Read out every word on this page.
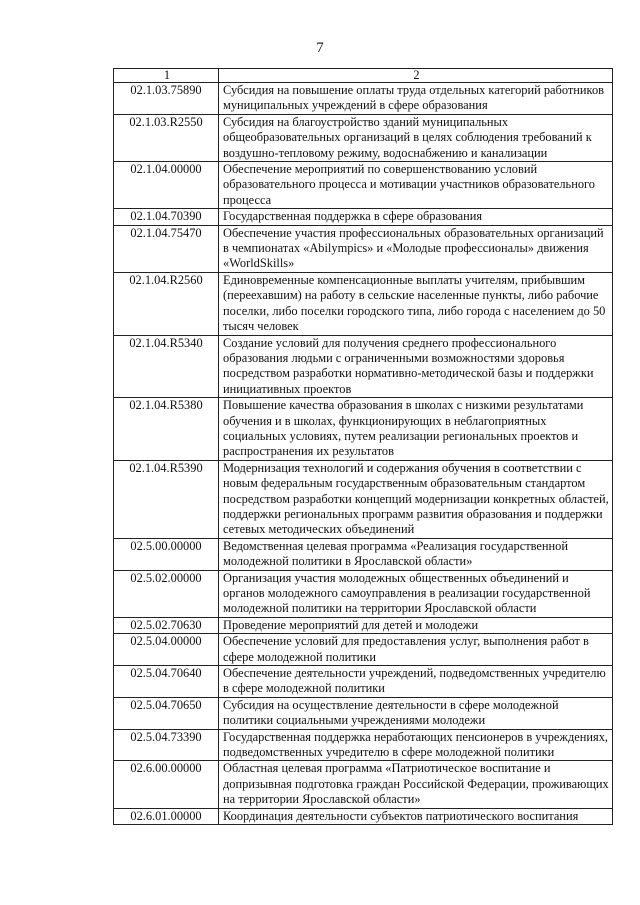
7
1	2
02.1.03.75890	Субсидия на повышение оплаты труда отдельных категорий работников муниципальных учреждений в сфере образования
02.1.03.R2550	Субсидия на благоустройство зданий муниципальных общеобразовательных организаций в целях соблюдения требований к воздушно-тепловому режиму, водоснабжению и канализации
02.1.04.00000	Обеспечение мероприятий по совершенствованию условий образовательного процесса и мотивации участников образовательного процесса
02.1.04.70390	Государственная поддержка в сфере образования
02.1.04.75470	Обеспечение участия профессиональных образовательных организаций в чемпионатах «Abilympics» и «Молодые профессионалы» движения «WorldSkills»
02.1.04.R2560	Единовременные компенсационные выплаты учителям, прибывшим (переехавшим) на работу в сельские населенные пункты, либо рабочие поселки, либо поселки городского типа, либо города с населением до 50 тысяч человек
02.1.04.R5340	Создание условий для получения среднего профессионального образования людьми с ограниченными возможностями здоровья посредством разработки нормативно-методической базы и поддержки инициативных проектов
02.1.04.R5380	Повышение качества образования в школах с низкими результатами обучения и в школах, функционирующих в неблагоприятных социальных условиях, путем реализации региональных проектов и распространения их результатов
02.1.04.R5390	Модернизация технологий и содержания обучения в соответствии с новым федеральным государственным образовательным стандартом посредством разработки концепций модернизации конкретных областей, поддержки региональных программ развития образования и поддержки сетевых методических объединений
02.5.00.00000	Ведомственная целевая программа «Реализация государственной молодежной политики в Ярославской области»
02.5.02.00000	Организация участия молодежных общественных объединений и органов молодежного самоуправления в реализации государственной молодежной политики на территории Ярославской области
02.5.02.70630	Проведение мероприятий для детей и молодежи
02.5.04.00000	Обеспечение условий для предоставления услуг, выполнения работ в сфере молодежной политики
02.5.04.70640	Обеспечение деятельности учреждений, подведомственных учредителю в сфере молодежной политики
02.5.04.70650	Субсидия на осуществление деятельности в сфере молодежной политики социальными учреждениями молодежи
02.5.04.73390	Государственная поддержка неработающих пенсионеров в учреждениях, подведомственных учредителю в сфере молодежной политики
02.6.00.00000	Областная целевая программа «Патриотическое воспитание и допризывная подготовка граждан Российской Федерации, проживающих на территории Ярославской области»
02.6.01.00000	Координация деятельности субъектов патриотического воспитания
